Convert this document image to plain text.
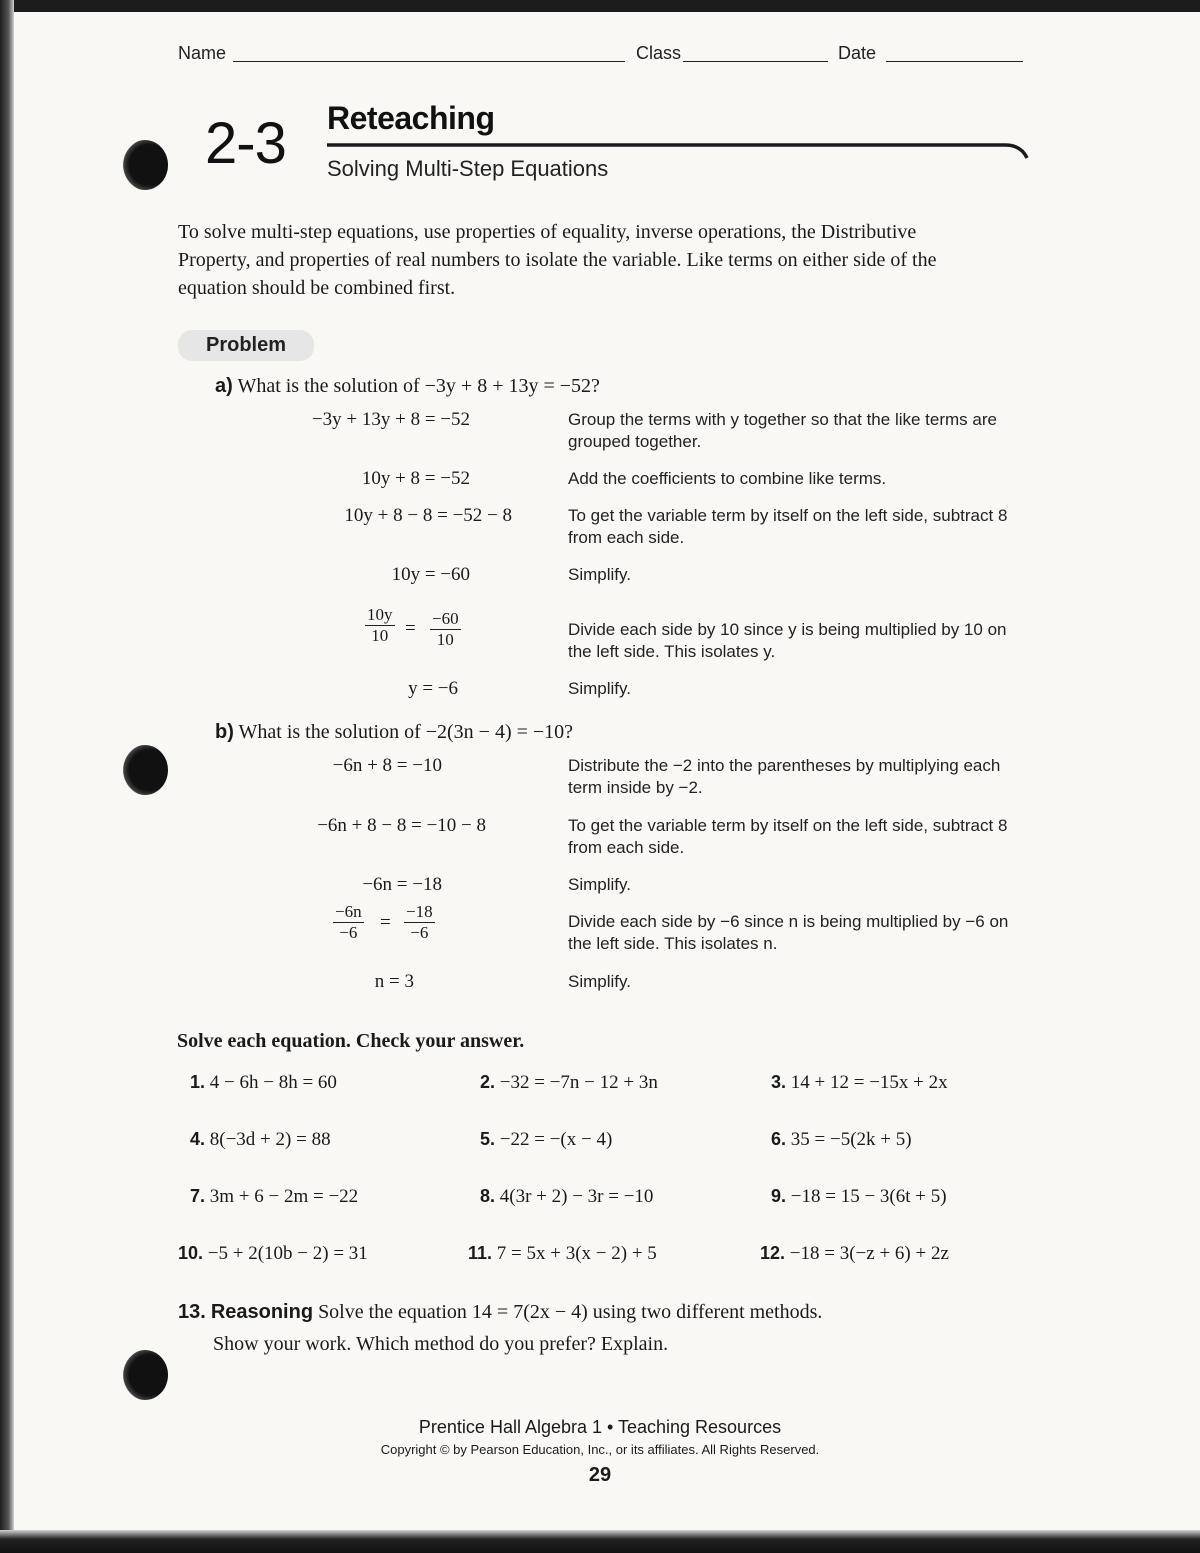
Name	Class	Date
2-3 Reteaching
Solving Multi-Step Equations
To solve multi-step equations, use properties of equality, inverse operations, the Distributive Property, and properties of real numbers to isolate the variable. Like terms on either side of the equation should be combined first.
Problem
a) What is the solution of −3y + 8 + 13y = −52?
−3y + 13y + 8 = −52	Group the terms with y together so that the like terms are grouped together.
10y + 8 = −52	Add the coefficients to combine like terms.
10y + 8 − 8 = −52 − 8	To get the variable term by itself on the left side, subtract 8 from each side.
10y = −60	Simplify.
$\frac{10y}{10} = \frac{-60}{10}$	Divide each side by 10 since y is being multiplied by 10 on the left side. This isolates y.
y = −6	Simplify.
b) What is the solution of −2(3n − 4) = −10?
−6n + 8 = −10	Distribute the −2 into the parentheses by multiplying each term inside by −2.
−6n + 8 − 8 = −10 − 8	To get the variable term by itself on the left side, subtract 8 from each side.
−6n = −18	Simplify.
$\frac{-6n}{-6} = \frac{-18}{-6}$	Divide each side by −6 since n is being multiplied by −6 on the left side. This isolates n.
n = 3	Simplify.
Solve each equation. Check your answer.
1. 4 − 6h − 8h = 60	2. −32 = −7n − 12 + 3n	3. 14 + 12 = −15x + 2x
4. 8(−3d + 2) = 88	5. −22 = −(x − 4)	6. 35 = −5(2k + 5)
7. 3m + 6 − 2m = −22	8. 4(3r + 2) − 3r = −10	9. −18 = 15 − 3(6t + 5)
10. −5 + 2(10b − 2) = 31	11. 7 = 5x + 3(x − 2) + 5	12. −18 = 3(−z + 6) + 2z
13. Reasoning Solve the equation 14 = 7(2x − 4) using two different methods.
Show your work. Which method do you prefer? Explain.
Prentice Hall Algebra 1 • Teaching Resources
Copyright © by Pearson Education, Inc., or its affiliates. All Rights Reserved.
29
